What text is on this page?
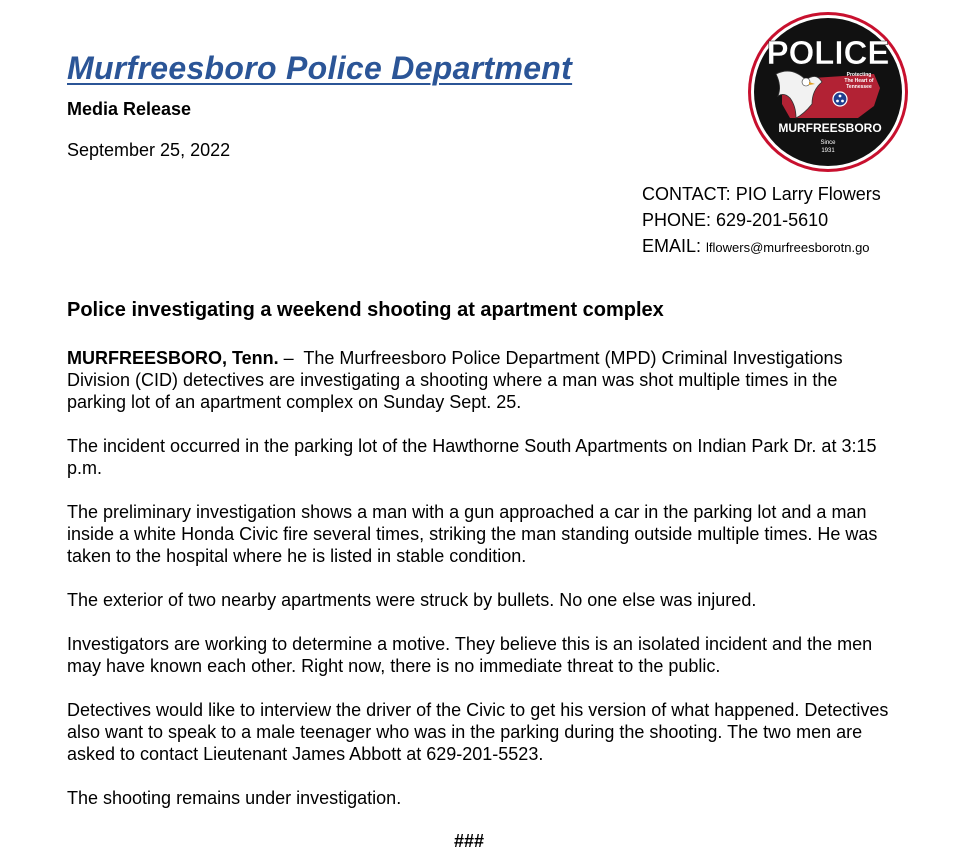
Murfreesboro Police Department
Media Release
September 25, 2022
POLICE
Protecting
The Heart of
Tennessee
MURFREESBORO
Since
1931
CONTACT: PIO Larry Flowers
PHONE: 629-201-5610
EMAIL: lflowers@murfreesborotn.go
Police investigating a weekend shooting at apartment complex

MURFREESBORO, Tenn. –  The Murfreesboro Police Department (MPD) Criminal Investigations Division (CID) detectives are investigating a shooting where a man was shot multiple times in the parking lot of an apartment complex on Sunday Sept. 25.

The incident occurred in the parking lot of the Hawthorne South Apartments on Indian Park Dr. at 3:15 p.m.

The preliminary investigation shows a man with a gun approached a car in the parking lot and a man inside a white Honda Civic fire several times, striking the man standing outside multiple times. He was taken to the hospital where he is listed in stable condition.

The exterior of two nearby apartments were struck by bullets. No one else was injured.

Investigators are working to determine a motive. They believe this is an isolated incident and the men may have known each other. Right now, there is no immediate threat to the public.

Detectives would like to interview the driver of the Civic to get his version of what happened. Detectives also want to speak to a male teenager who was in the parking during the shooting. The two men are asked to contact Lieutenant James Abbott at 629-201-5523.

The shooting remains under investigation.

###
